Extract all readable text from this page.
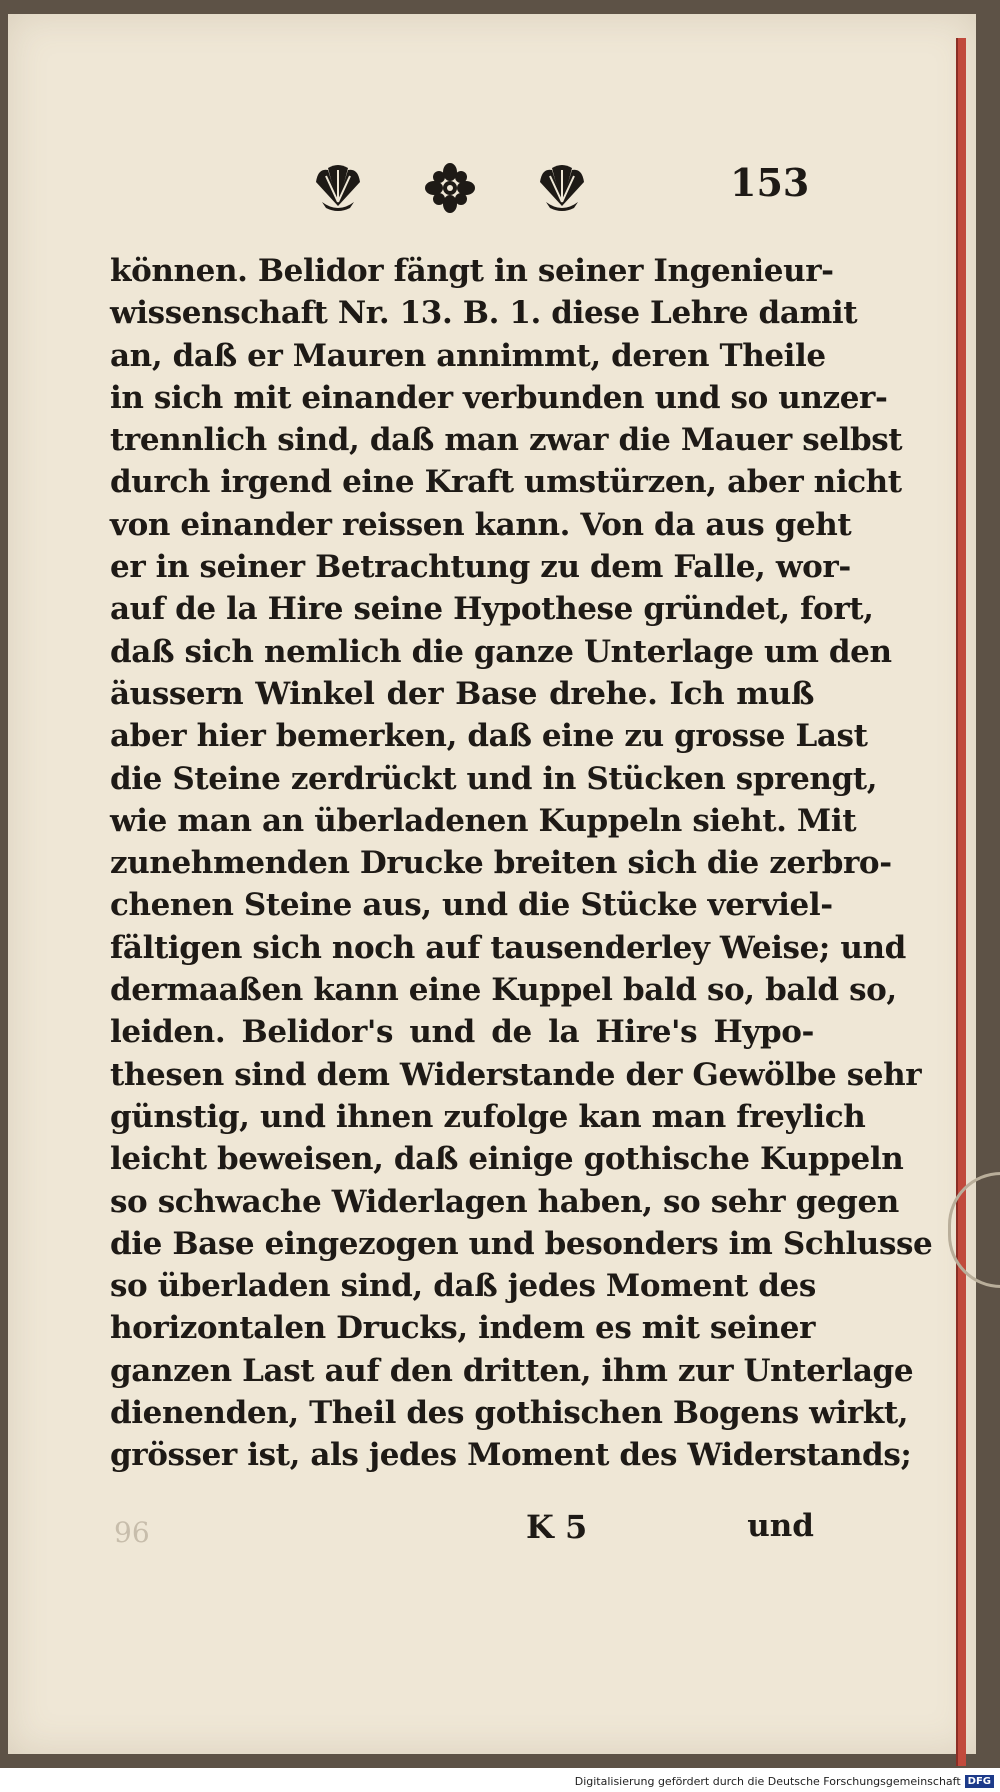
153
können. Belidor fängt in seiner Ingenieur-
wissenschaft Nr. 13. B. 1. diese Lehre damit
an, daß er Mauren annimmt, deren Theile
in sich mit einander verbunden und so unzer-
trennlich sind, daß man zwar die Mauer selbst
durch irgend eine Kraft umstürzen, aber nicht
von einander reissen kann. Von da aus geht
er in seiner Betrachtung zu dem Falle, wor-
auf de la Hire seine Hypothese gründet, fort,
daß sich nemlich die ganze Unterlage um den
äussern Winkel der Base drehe. Ich muß
aber hier bemerken, daß eine zu grosse Last
die Steine zerdrückt und in Stücken sprengt,
wie man an überladenen Kuppeln sieht. Mit
zunehmenden Drucke breiten sich die zerbro-
chenen Steine aus, und die Stücke verviel-
fältigen sich noch auf tausenderley Weise; und
dermaaßen kann eine Kuppel bald so, bald so,
leiden. Belidor's und de la Hire's Hypo-
thesen sind dem Widerstande der Gewölbe sehr
günstig, und ihnen zufolge kan man freylich
leicht beweisen, daß einige gothische Kuppeln
so schwache Widerlagen haben, so sehr gegen
die Base eingezogen und besonders im Schlusse
so überladen sind, daß jedes Moment des
horizontalen Drucks, indem es mit seiner
ganzen Last auf den dritten, ihm zur Unterlage
dienenden, Theil des gothischen Bogens wirkt,
grösser ist, als jedes Moment des Widerstands;
96	K 5	und
Digitalisierung gefördert durch die Deutsche Forschungsgemeinschaft DFG
